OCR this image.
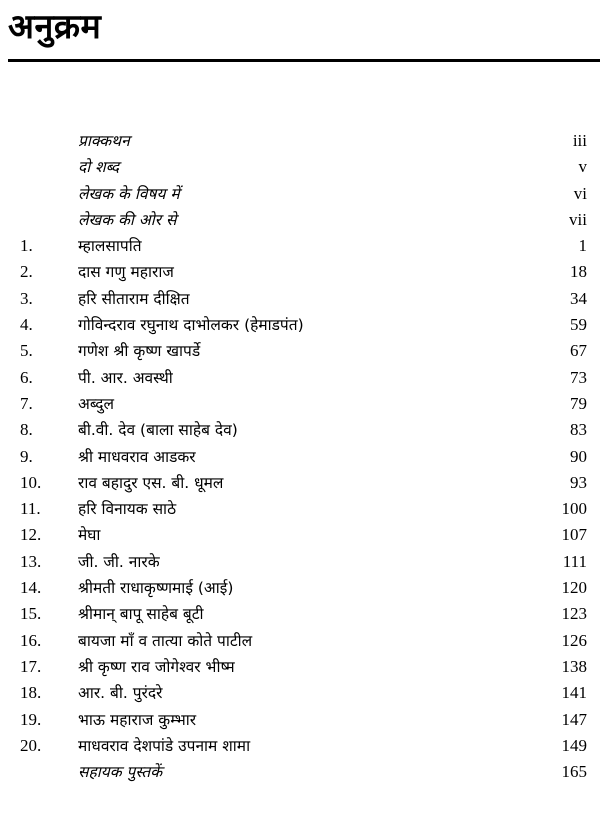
अनुक्रम
प्राक्कथन	iii
दो शब्द	v
लेखक के विषय में	vi
लेखक की ओर से	vii
1.	म्हालसापति	1
2.	दास गणु महाराज	18
3.	हरि सीताराम दीक्षित	34
4.	गोविन्दराव रघुनाथ दाभोलकर (हेमाडपंत)	59
5.	गणेश श्री कृष्ण खापर्डे	67
6.	पी. आर. अवस्थी	73
7.	अब्दुल	79
8.	बी.वी. देव (बाला साहेब देव)	83
9.	श्री माधवराव आडकर	90
10.	राव बहादुर एस. बी. धूमल	93
11.	हरि विनायक साठे	100
12.	मेघा	107
13.	जी. जी. नारके	111
14.	श्रीमती राधाकृष्णमाई (आई)	120
15.	श्रीमान् बापू साहेब बूटी	123
16.	बायजा माँ व तात्या कोते पाटील	126
17.	श्री कृष्ण राव जोगेश्वर भीष्म	138
18.	आर. बी. पुरंदरे	141
19.	भाऊ महाराज कुम्भार	147
20.	माधवराव देशपांडे उपनाम शामा	149
सहायक पुस्तकें	165
